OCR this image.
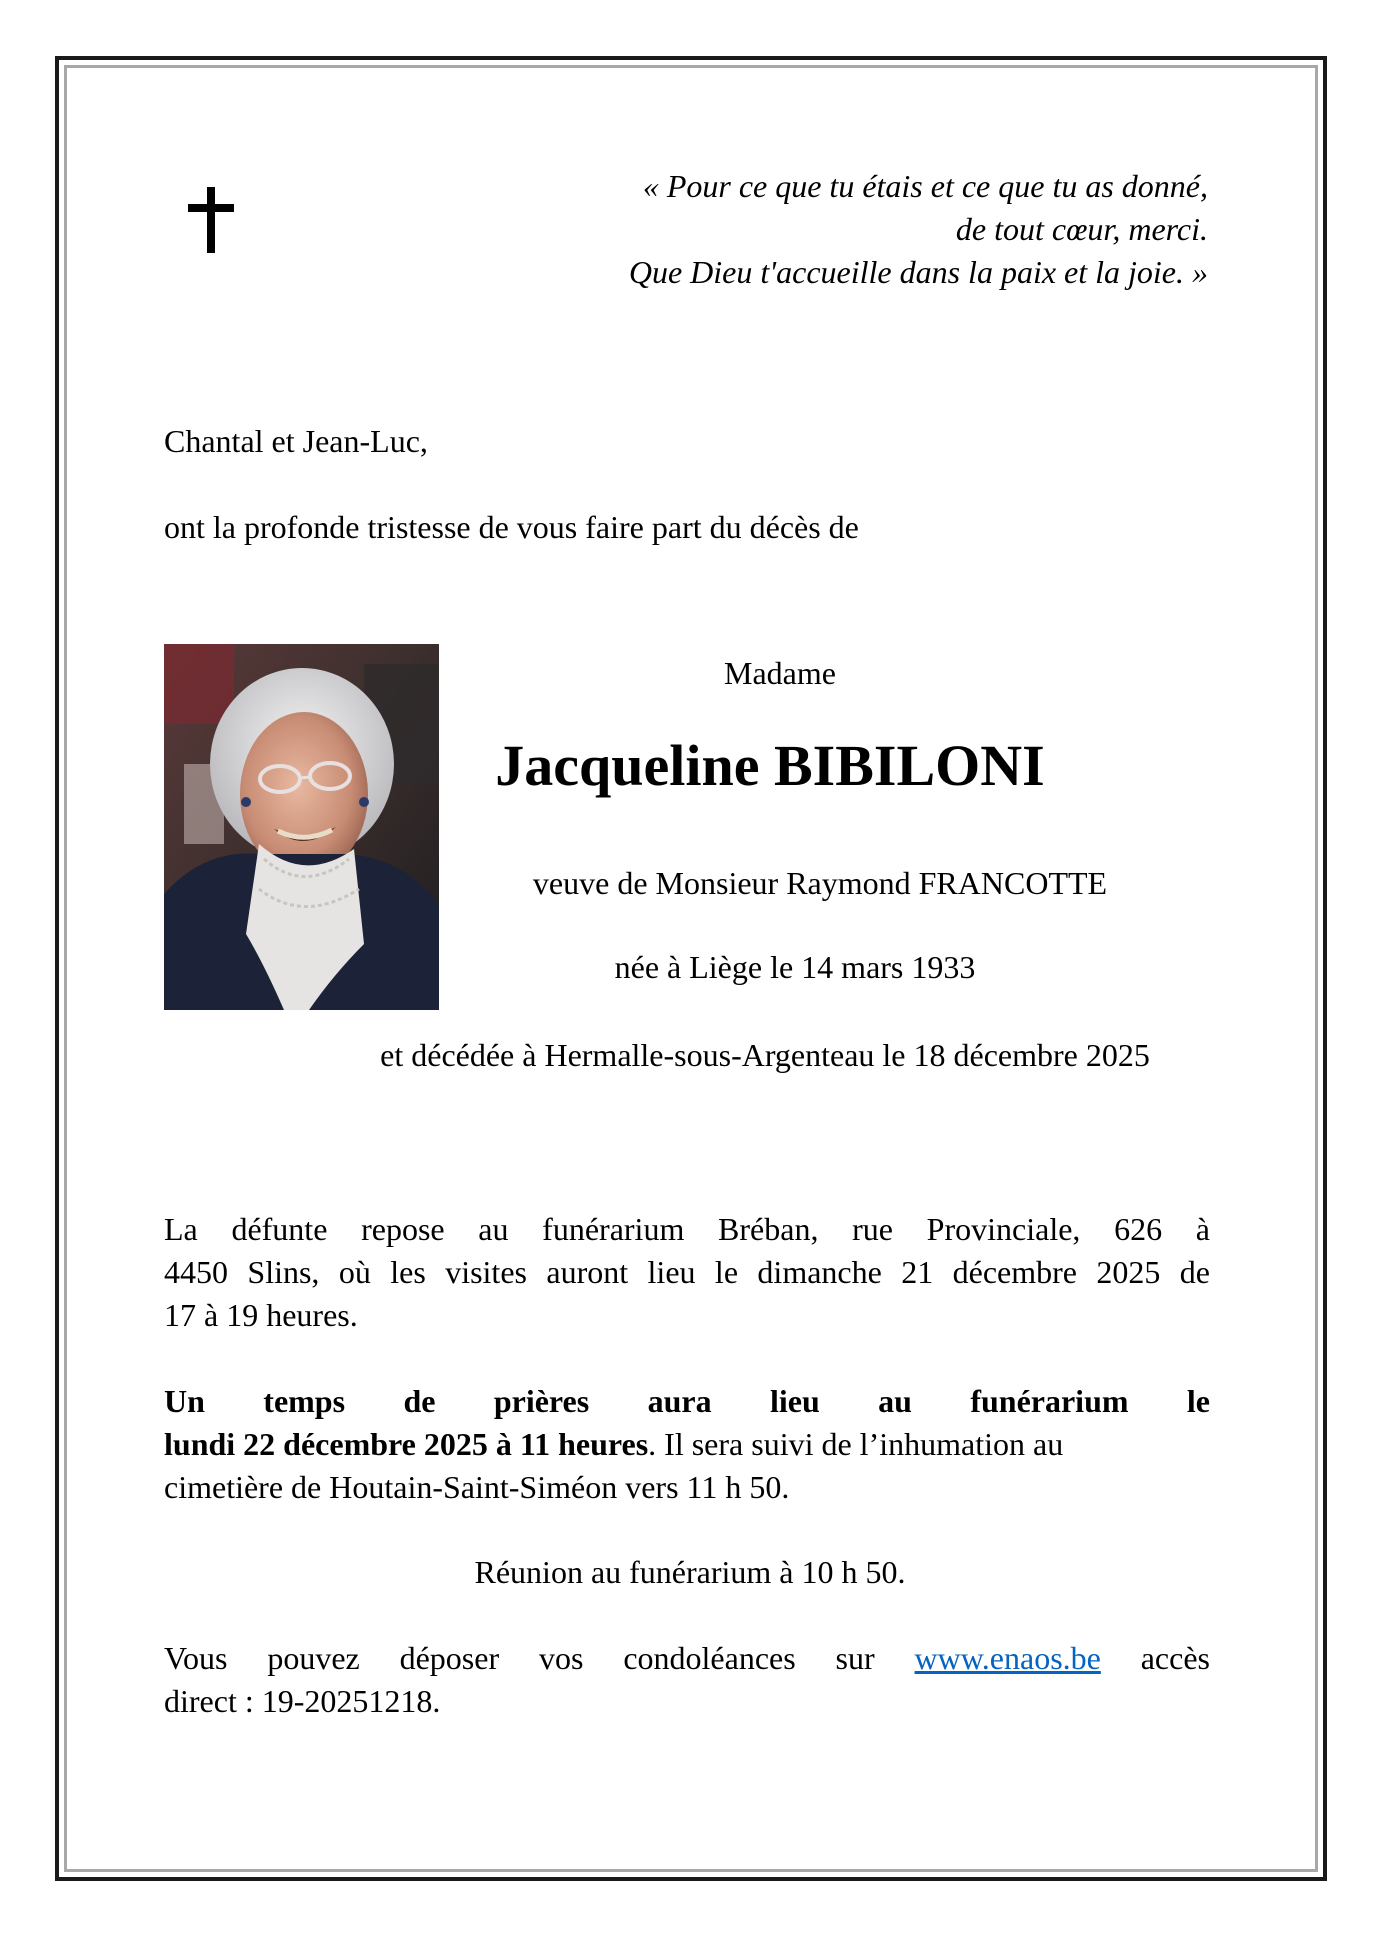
« Pour ce que tu étais et ce que tu as donné,
de tout cœur, merci.
Que Dieu t'accueille dans la paix et la joie. »
Chantal et Jean-Luc,
ont la profonde tristesse de vous faire part du décès de
Madame
Jacqueline BIBILONI
veuve de Monsieur Raymond FRANCOTTE
née à Liège le 14 mars 1933
et décédée à Hermalle-sous-Argenteau le 18 décembre 2025
La défunte repose au funérarium Bréban, rue Provinciale, 626 à
4450 Slins, où les visites auront lieu le dimanche 21 décembre 2025 de
17 à 19 heures.
Un temps de prières aura lieu au funérarium le
lundi 22 décembre 2025 à 11 heures. Il sera suivi de l’inhumation au
cimetière de Houtain-Saint-Siméon vers 11 h 50.
Réunion au funérarium à 10 h 50.
Vous pouvez déposer vos condoléances sur www.enaos.be accès
direct : 19-20251218.
